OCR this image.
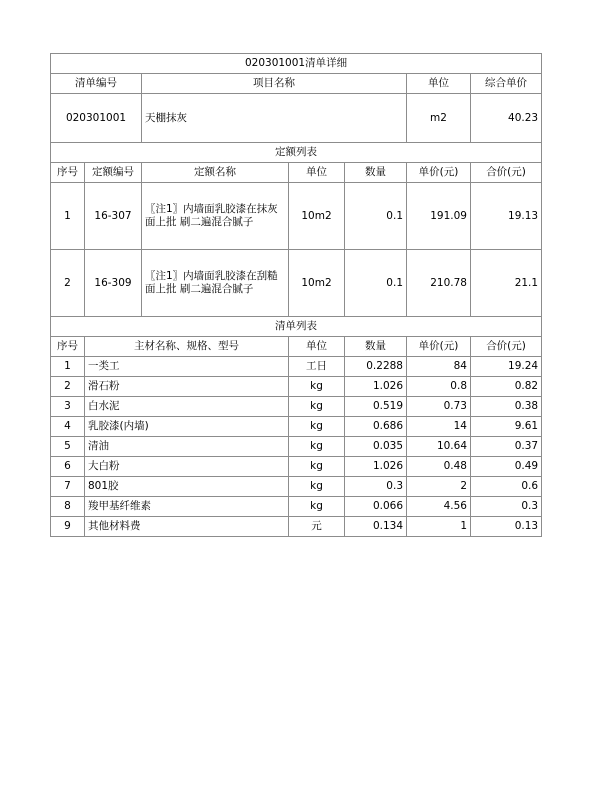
020301001清单详细						
清单编号		项目名称			单位	综合单价
020301001		天棚抹灰			m2	40.23
定额列表						
序号	定额编号	定额名称	单位	数量	单价(元)	合价(元)
1	16-307	〖注1〗内墙面乳胶漆在抹灰面上批 刷二遍混合腻子	10m2	0.1	191.09	19.13
2	16-309	〖注1〗内墙面乳胶漆在刮糙面上批 刷二遍混合腻子	10m2	0.1	210.78	21.1
清单列表						
序号	主材名称、规格、型号		单位	数量	单价(元)	合价(元)
1	一类工		工日	0.2288	84	19.24
2	滑石粉		kg	1.026	0.8	0.82
3	白水泥		kg	0.519	0.73	0.38
4	乳胶漆(内墙)		kg	0.686	14	9.61
5	清油		kg	0.035	10.64	0.37
6	大白粉		kg	1.026	0.48	0.49
7	801胶		kg	0.3	2	0.6
8	羧甲基纤维素		kg	0.066	4.56	0.3
9	其他材料费		元	0.134	1	0.13
